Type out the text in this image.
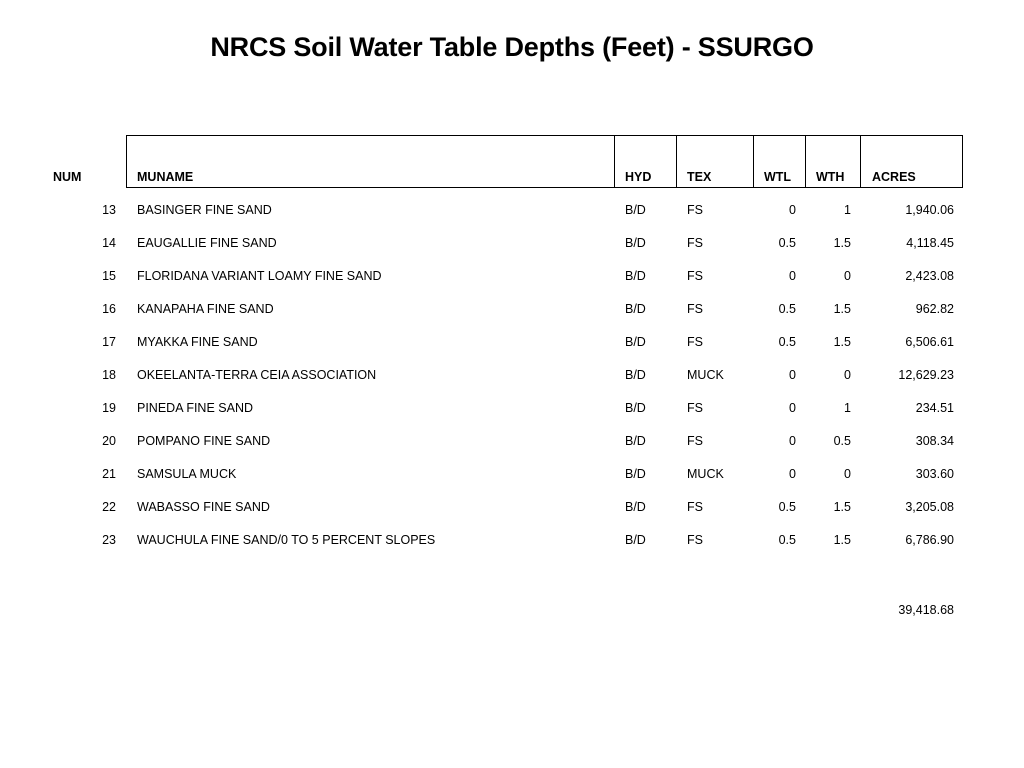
NRCS Soil Water Table Depths (Feet) - SSURGO
NUM	MUNAME	HYD	TEX	WTL WTH ACRES
13 BASINGER FINE SAND	B/D	FS	0	1	1,940.06
14 EAUGALLIE FINE SAND	B/D	FS	0.5	1.5	4,118.45
15 FLORIDANA VARIANT LOAMY FINE SAND	B/D	FS	0	0	2,423.08
16 KANAPAHA FINE SAND	B/D	FS	0.5	1.5	962.82
17 MYAKKA FINE SAND	B/D	FS	0.5	1.5	6,506.61
18 OKEELANTA-TERRA CEIA ASSOCIATION	B/D	MUCK	0	0	12,629.23
19 PINEDA FINE SAND	B/D	FS	0	1	234.51
20 POMPANO FINE SAND	B/D	FS	0	0.5	308.34
21 SAMSULA MUCK	B/D	MUCK	0	0	303.60
22 WABASSO FINE SAND	B/D	FS	0.5	1.5	3,205.08
23 WAUCHULA FINE SAND/0 TO 5 PERCENT SLOPES	B/D	FS	0.5	1.5	6,786.90
39,418.68
